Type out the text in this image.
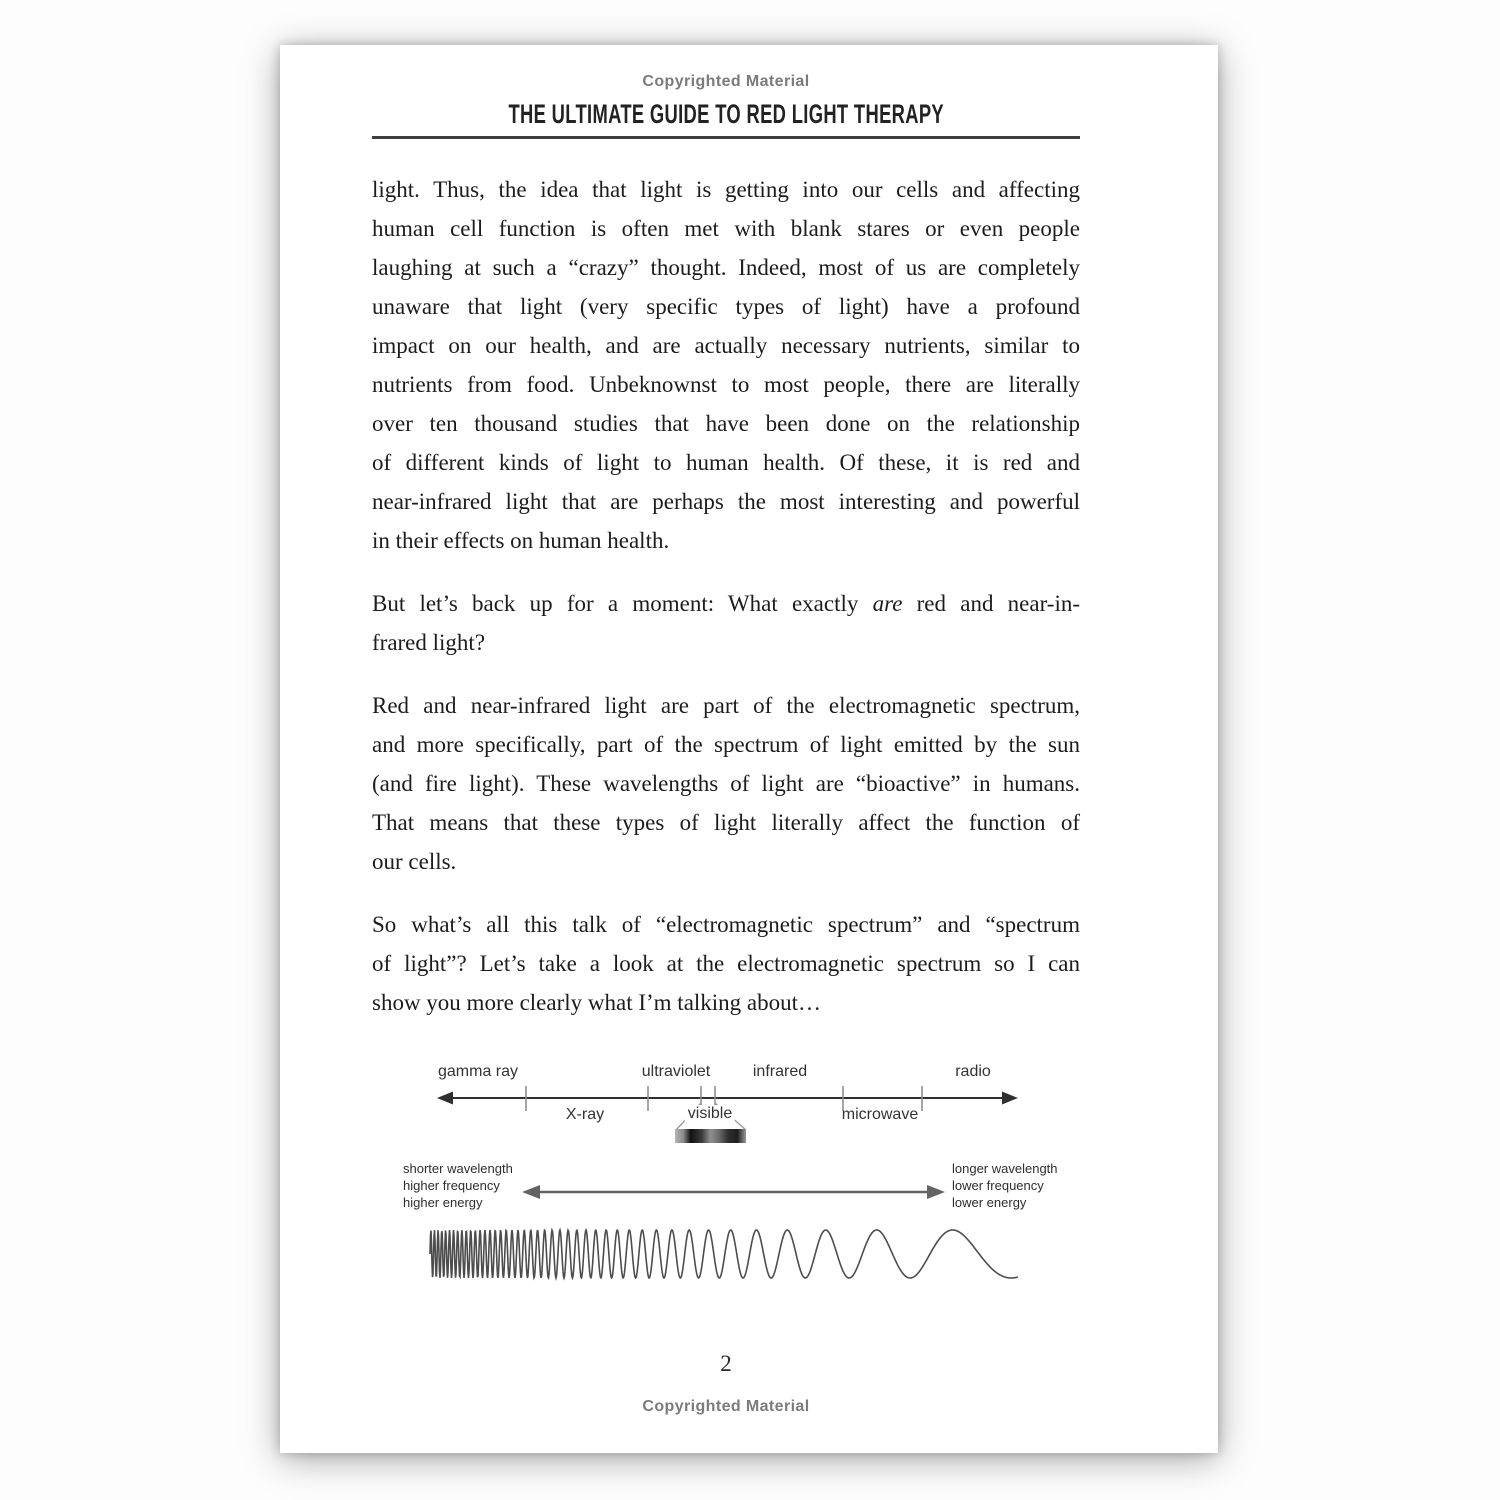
Copyrighted Material
THE ULTIMATE GUIDE TO RED LIGHT THERAPY
light. Thus, the idea that light is getting into our cells and affecting
human cell function is often met with blank stares or even people
laughing at such a “crazy” thought. Indeed, most of us are completely
unaware that light (very specific types of light) have a profound
impact on our health, and are actually necessary nutrients, similar to
nutrients from food. Unbeknownst to most people, there are literally
over ten thousand studies that have been done on the relationship
of different kinds of light to human health. Of these, it is red and
near-infrared light that are perhaps the most interesting and powerful
in their effects on human health.
But let’s back up for a moment: What exactly are red and near-in-
frared light?
Red and near-infrared light are part of the electromagnetic spectrum,
and more specifically, part of the spectrum of light emitted by the sun
(and fire light). These wavelengths of light are “bioactive” in humans.
That means that these types of light literally affect the function of
our cells.
So what’s all this talk of “electromagnetic spectrum” and “spectrum
of light”? Let’s take a look at the electromagnetic spectrum so I can
show you more clearly what I’m talking about…
gamma ray	ultraviolet	infrared	radio
X-ray	visible	microwave
shorter wavelength
higher frequency
higher energy
longer wavelength
lower frequency
lower energy
2
Copyrighted Material
